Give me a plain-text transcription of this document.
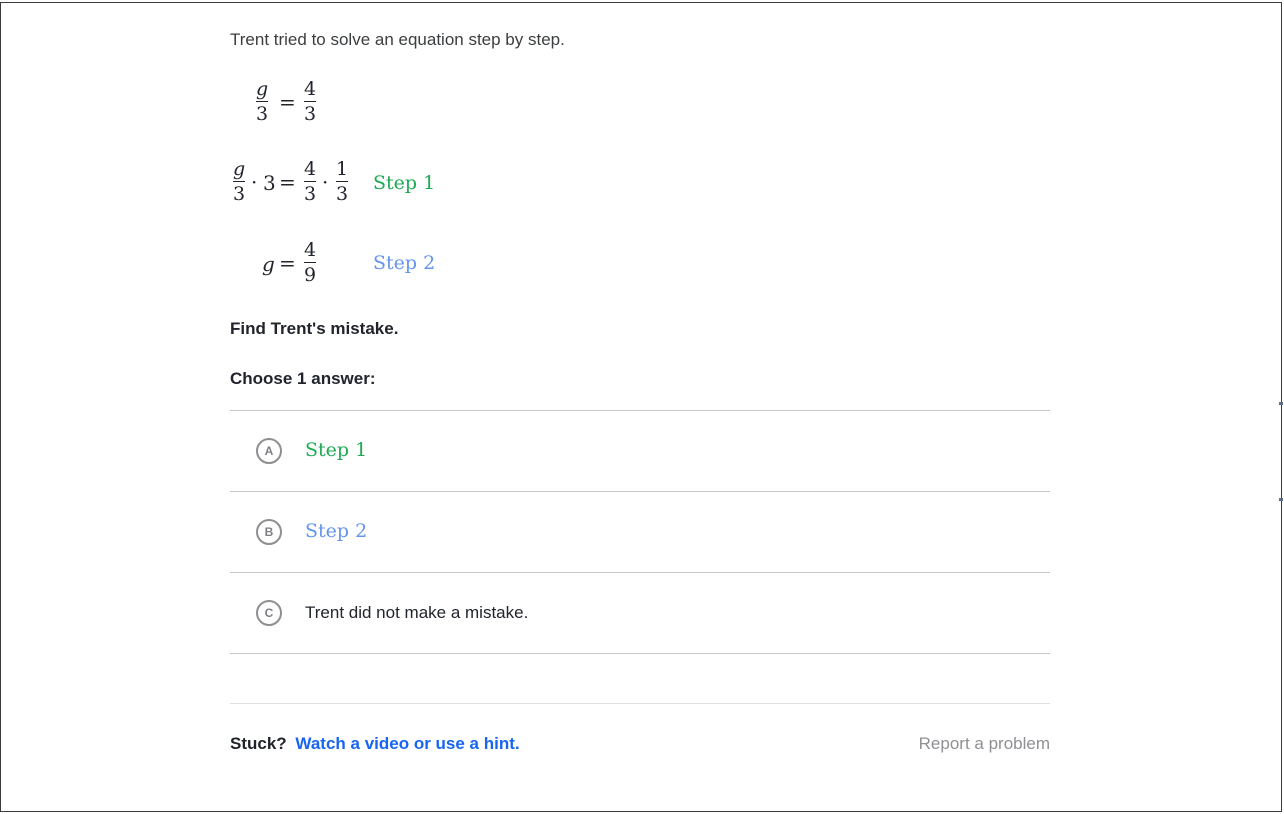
Trent tried to solve an equation step by step.
g
3 =
4
3
g
3 · 3 =
4
3 ·
1
3 Step 1
g =
4
9
Step 2
Find Trent's mistake.
Choose 1 answer:
A	Step 1
B	Step 2
C	Trent did not make a mistake.
Stuck? Watch a video or use a hint.	Report a problem
